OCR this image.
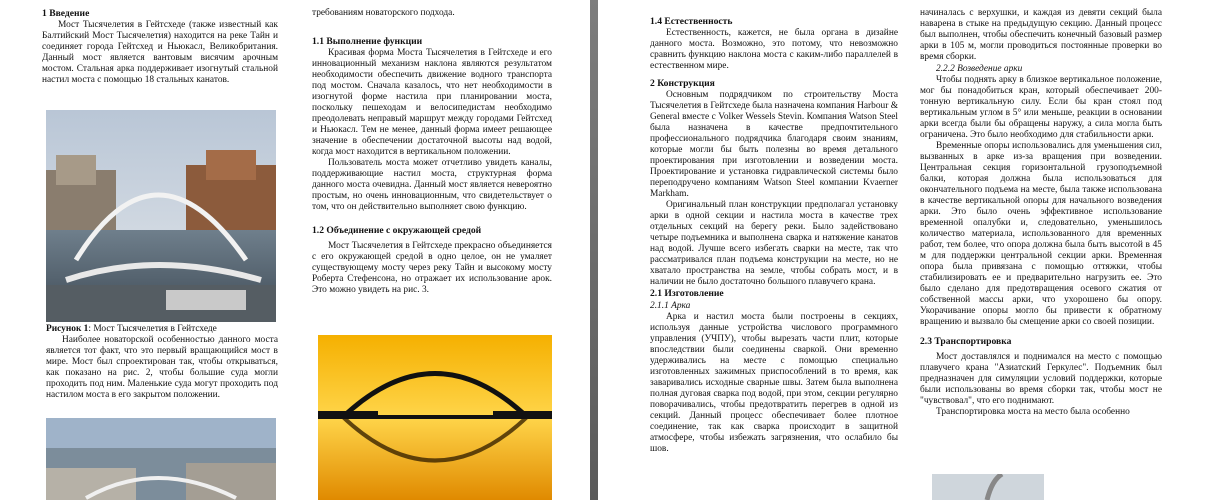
1 Введение

Мост Тысячелетия в Гейтсхеде (также известный как Балтийский Мост Тысячелетия) находится на реке Тайн и соединяет города Гейтсхед и Ньюкасл, Великобритания. Данный мост является вантовым висячим арочным мостом. Стальная арка поддерживает изогнутый стальной настил моста с помощью 18 стальных канатов.

Рисунок 1: Мост Тысячелетия в Гейтсхеде

Наиболее новаторской особенностью данного моста является тот факт, что это первый вращающийся мост в мире. Мост был спроектирован так, чтобы открываться, как показано на рис. 2, чтобы большие суда могли проходить под ним. Маленькие суда могут проходить под настилом моста в его закрытом положении.

требованиям новаторского подхода.

1.1 Выполнение функции

Красивая форма Моста Тысячелетия в Гейтсхеде и его инновационный механизм наклона являются результатом необходимости обеспечить движение водного транспорта под мостом. Сначала казалось, что нет необходимости в изогнутой форме настила при планировании моста, поскольку пешеходам и велосипедистам необходимо преодолевать неправый маршрут между городами Гейтсхед и Ньюкасл. Тем не менее, данный форма имеет решающее значение в обеспечении достаточной высоты над водой, когда мост находится в вертикальном положении.

Пользователь моста может отчетливо увидеть каналы, поддерживающие настил моста, структурная форма данного моста очевидна. Данный мост является невероятно простым, но очень инновационным, что свидетельствует о том, что он действительно выполняет свою функцию.

1.2 Объединение с окружающей средой

Мост Тысячелетия в Гейтсхеде прекрасно объединяется с его окружающей средой в одно целое, он не умаляет существующему мосту через реку Тайн и высокому мосту Роберта Стефенсона, но отражает их использование арок. Это можно увидеть на рис. 3.

1.4 Естественность

Естественность, кажется, не была органа в дизайне данного моста. Возможно, это потому, что невозможно сравнить функцию наклона моста с каким-либо параллелей в естественном мире.

2 Конструкция

Основным подрядчиком по строительству Моста Тысячелетия в Гейтсхеде была назначена компания Harbour & General вместе с Volker Wessels Stevin. Компания Watson Steel была назначена в качестве предпочтительного профессионального подрядчика благодаря своим знаниям, которые могли бы быть полезны во время детального проектирования при изготовлении и возведении моста. Проектирование и установка гидравлической системы было переподручено компаниям Watson Steel компании Kvaerner Markham.

Оригинальный план конструкции предполагал установку арки в одной секции и настила моста в качестве трех отдельных секций на берегу реки. Было задействовано четыре подъемника и выполнена сварка и натяжение канатов над водой. Лучше всего избегать сварки на месте, так что рассматривался план подъема конструкции на месте, но не хватало пространства на земле, чтобы собрать мост, и в наличии не было достаточно большого плавучего крана.

2.1 Изготовление
2.1.1 Арка

Арка и настил моста были построены в секциях, используя данные устройства числового программного управления (УЧПУ), чтобы вырезать части плит, которые впоследствии были соединены сваркой. Они временно удерживались на месте с помощью специально изготовленных зажимных приспособлений в то время, как заваривались исходные сварные швы. Затем была выполнена полная дуговая сварка под водой, при этом, секции регулярно поворачивались, чтобы предотвратить перегрев в одной из секций. Данный процесс обеспечивает более плотное соединение, так как сварка происходит в защитной атмосфере, чтобы избежать загрязнения, что ослабило бы шов.

начиналась с верхушки, и каждая из девяти секций была наварена в стыке на предыдущую секцию. Данный процесс был выполнен, чтобы обеспечить конечный базовый размер арки в 105 м, могли проводиться постоянные проверки во время сборки.

2.2.2 Возведение арки

Чтобы поднять арку в близкое вертикальное положение, мог бы понадобиться кран, который обеспечивает 200-тонную вертикальную силу. Если бы кран стоял под вертикальным углом в 5° или меньше, реакции в основании арки всегда были бы обращены наружу, а сила могла быть ограничена. Это было необходимо для стабильности арки.

Временные опоры использовались для уменьшения сил, вызванных в арке из-за вращения при возведении. Центральная секция горизонтальной грузоподъемной балки, которая должна была использоваться для окончательного подъема на месте, была также использована в качестве вертикальной опоры для начального возведения арки. Это было очень эффективное использование временной опалубки и, следовательно, уменьшилось количество материала, использованного для временных работ, тем более, что опора должна была быть высотой в 45 м для поддержки центральной секции арки. Временная опора была привязана с помощью оттяжки, чтобы стабилизировать ее и предварительно нагрузить ее. Это было сделано для предотвращения осевого сжатия от собственной массы арки, что ухорошено бы опору. Укорачивание опоры могло бы привести к обратному вращению и вызвало бы смещение арки со своей позиции.

2.3 Транспортировка

Мост доставлялся и поднимался на место с помощью плавучего крана "Азиатский Геркулес". Подъемник был предназначен для симуляции условий поддержки, которые были использованы во время сборки так, чтобы мост не "чувствовал", что его поднимают.

Транспортировка моста на место была особенно
